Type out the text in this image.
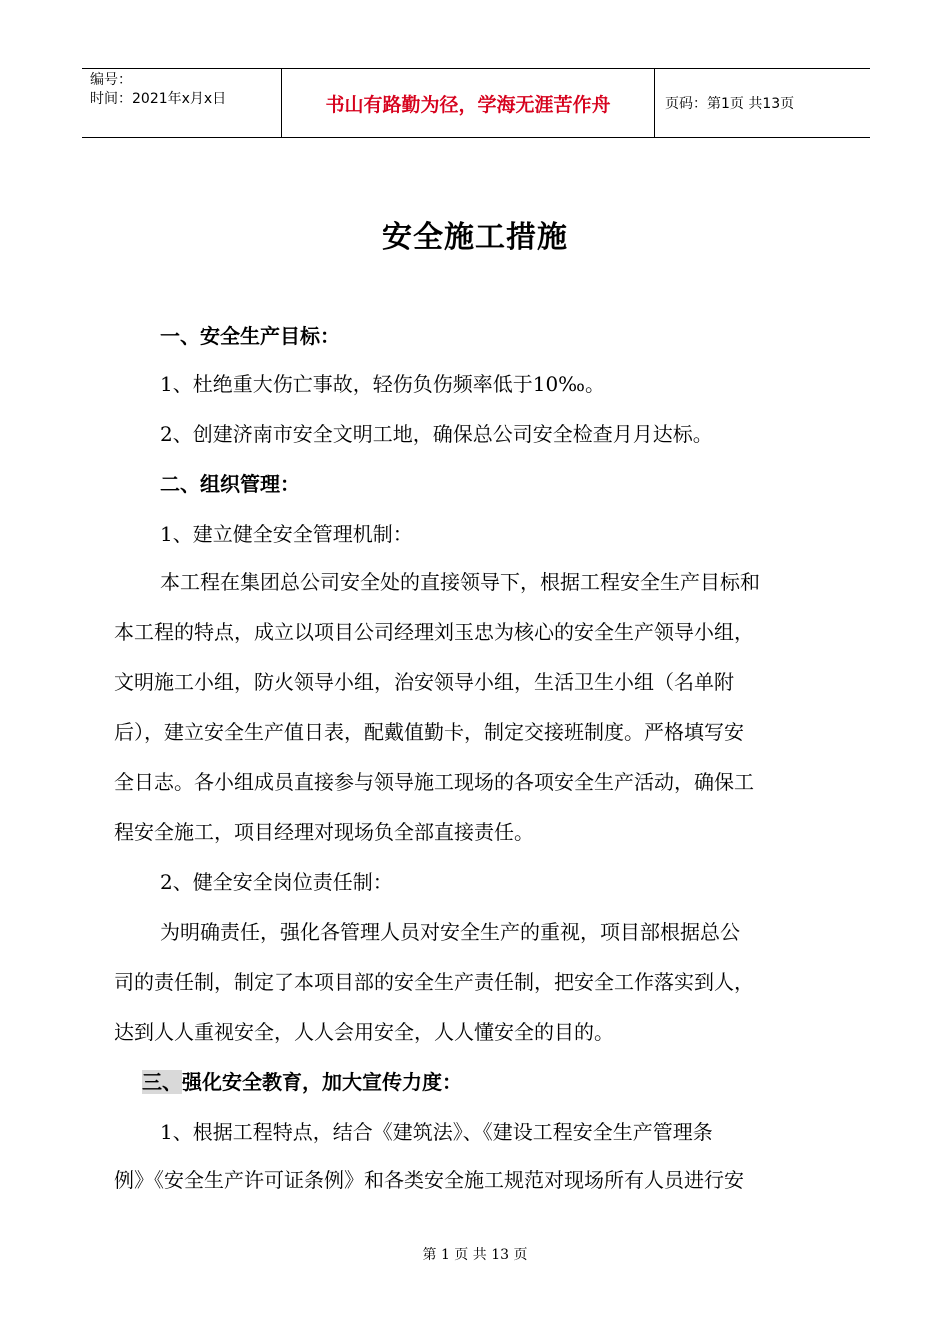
编号：
时间：2021年x月x日	书山有路勤为径，学海无涯苦作舟	页码：第1页 共13页
安全施工措施
一、安全生产目标：
1、杜绝重大伤亡事故，轻伤负伤频率低于10‰。
2、创建济南市安全文明工地，确保总公司安全检查月月达标。
二、组织管理：
1、建立健全安全管理机制：
本工程在集团总公司安全处的直接领导下，根据工程安全生产目标和
本工程的特点，成立以项目公司经理刘玉忠为核心的安全生产领导小组，
文明施工小组，防火领导小组，治安领导小组，生活卫生小组（名单附
后），建立安全生产值日表，配戴值勤卡，制定交接班制度。严格填写安
全日志。各小组成员直接参与领导施工现场的各项安全生产活动，确保工
程安全施工，项目经理对现场负全部直接责任。
2、健全安全岗位责任制：
为明确责任，强化各管理人员对安全生产的重视，项目部根据总公
司的责任制，制定了本项目部的安全生产责任制，把安全工作落实到人，
达到人人重视安全，人人会用安全，人人懂安全的目的。
三、强化安全教育，加大宣传力度：
1、根据工程特点，结合《建筑法》、《建设工程安全生产管理条
例》《安全生产许可证条例》和各类安全施工规范对现场所有人员进行安
第 1 页 共 13 页
